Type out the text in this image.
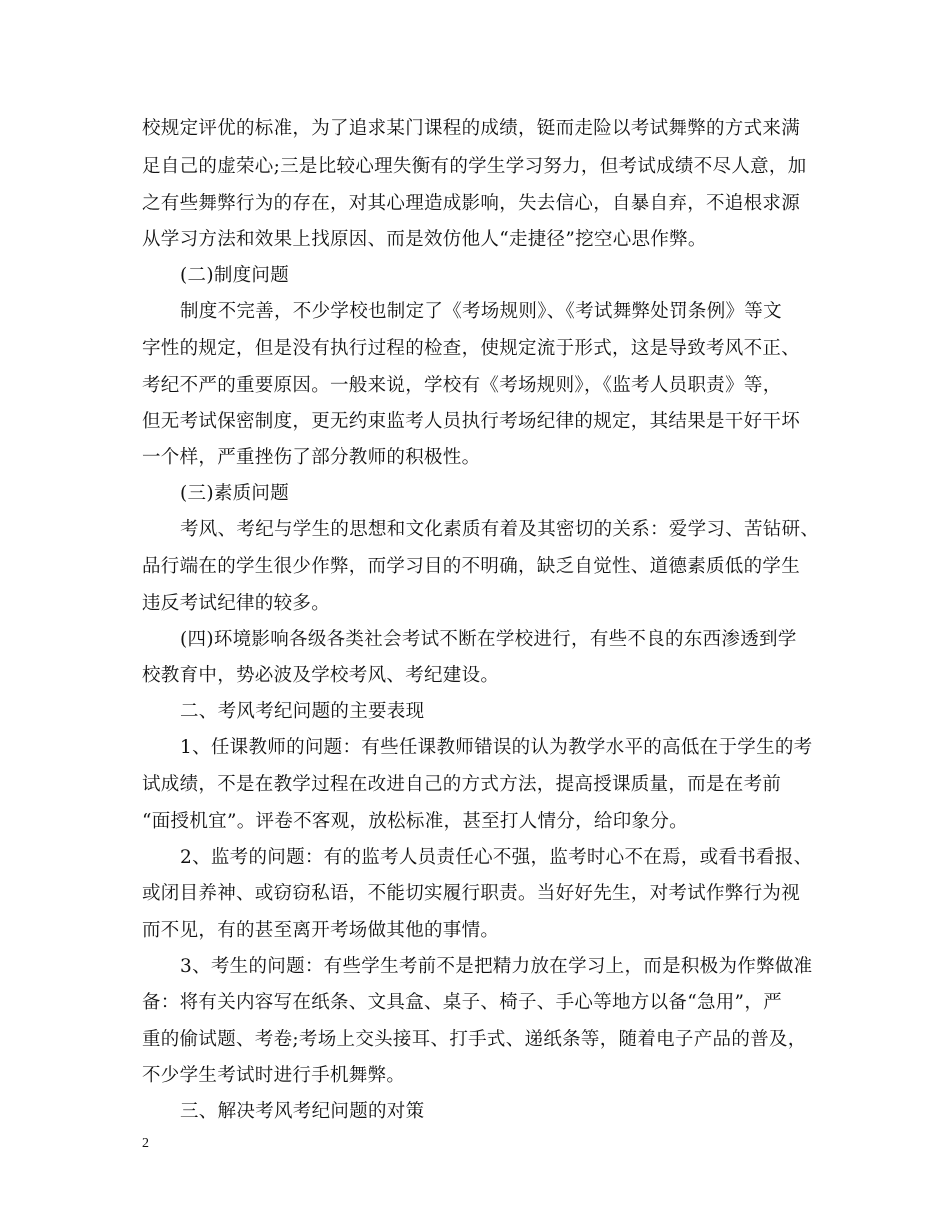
校规定评优的标准，为了追求某门课程的成绩，铤而走险以考试舞弊的方式来满
足自己的虚荣心;三是比较心理失衡有的学生学习努力，但考试成绩不尽人意，加
之有些舞弊行为的存在，对其心理造成影响，失去信心，自暴自弃，不追根求源
从学习方法和效果上找原因、而是效仿他人“走捷径”挖空心思作弊。
(二)制度问题
制度不完善，不少学校也制定了《考场规则》、《考试舞弊处罚条例》等文
字性的规定，但是没有执行过程的检查，使规定流于形式，这是导致考风不正、
考纪不严的重要原因。一般来说，学校有《考场规则》，《监考人员职责》等，
但无考试保密制度，更无约束监考人员执行考场纪律的规定，其结果是干好干坏
一个样，严重挫伤了部分教师的积极性。
(三)素质问题
考风、考纪与学生的思想和文化素质有着及其密切的关系：爱学习、苦钻研、
品行端在的学生很少作弊，而学习目的不明确，缺乏自觉性、道德素质低的学生
违反考试纪律的较多。
(四)环境影响各级各类社会考试不断在学校进行，有些不良的东西渗透到学
校教育中，势必波及学校考风、考纪建设。
二、考风考纪问题的主要表现
1、任课教师的问题：有些任课教师错误的认为教学水平的高低在于学生的考
试成绩，不是在教学过程在改进自己的方式方法，提高授课质量，而是在考前
“面授机宜”。评卷不客观，放松标准，甚至打人情分，给印象分。
2、监考的问题：有的监考人员责任心不强，监考时心不在焉，或看书看报、
或闭目养神、或窃窃私语，不能切实履行职责。当好好先生，对考试作弊行为视
而不见，有的甚至离开考场做其他的事情。
3、考生的问题：有些学生考前不是把精力放在学习上，而是积极为作弊做准
备：将有关内容写在纸条、文具盒、桌子、椅子、手心等地方以备“急用”，严
重的偷试题、考卷;考场上交头接耳、打手式、递纸条等，随着电子产品的普及，
不少学生考试时进行手机舞弊。
三、解决考风考纪问题的对策
2
